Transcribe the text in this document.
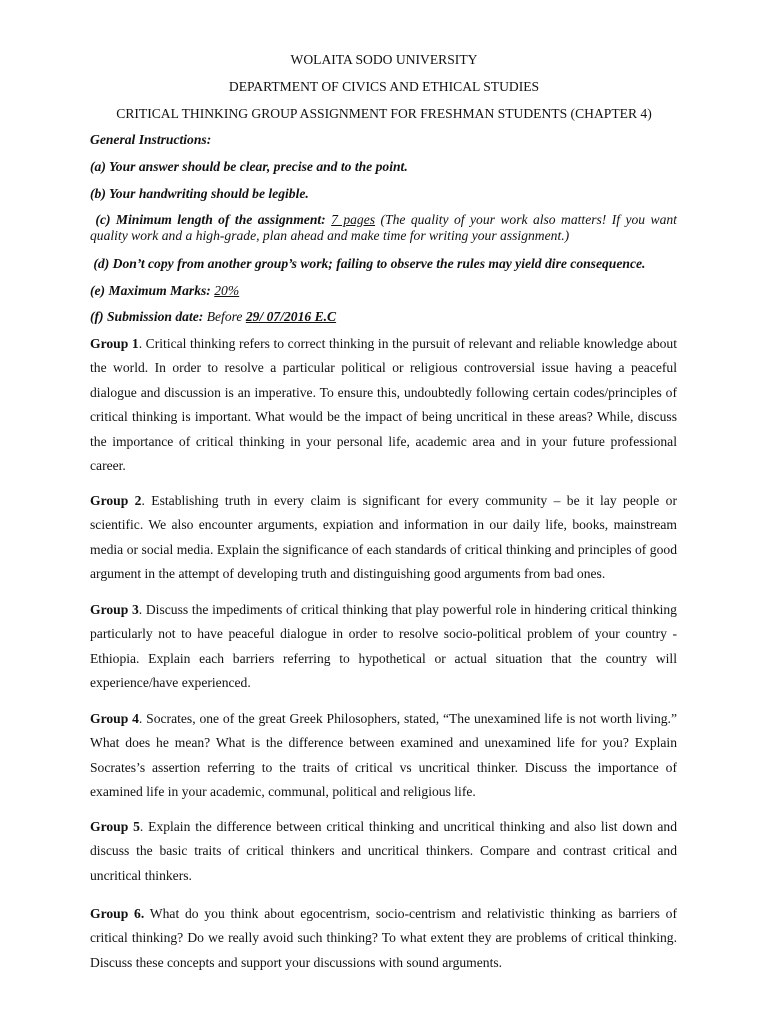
WOLAITA SODO UNIVERSITY
DEPARTMENT OF CIVICS AND ETHICAL STUDIES
CRITICAL THINKING GROUP ASSIGNMENT FOR FRESHMAN STUDENTS (CHAPTER 4)
General Instructions:
(a) Your answer should be clear, precise and to the point.
(b) Your handwriting should be legible.
(c) Minimum length of the assignment: 7 pages (The quality of your work also matters! If you want quality work and a high-grade, plan ahead and make time for writing your assignment.)
(d) Don’t copy from another group’s work; failing to observe the rules may yield dire consequence.
(e) Maximum Marks: 20%
(f) Submission date: Before 29/ 07/2016 E.C
Group 1. Critical thinking refers to correct thinking in the pursuit of relevant and reliable knowledge about the world. In order to resolve a particular political or religious controversial issue having a peaceful dialogue and discussion is an imperative. To ensure this, undoubtedly following certain codes/principles of critical thinking is important. What would be the impact of being uncritical in these areas? While, discuss the importance of critical thinking in your personal life, academic area and in your future professional career.
Group 2. Establishing truth in every claim is significant for every community – be it lay people or scientific. We also encounter arguments, expiation and information in our daily life, books, mainstream media or social media. Explain the significance of each standards of critical thinking and principles of good argument in the attempt of developing truth and distinguishing good arguments from bad ones.
Group 3. Discuss the impediments of critical thinking that play powerful role in hindering critical thinking particularly not to have peaceful dialogue in order to resolve socio-political problem of your country - Ethiopia. Explain each barriers referring to hypothetical or actual situation that the country will experience/have experienced.
Group 4. Socrates, one of the great Greek Philosophers, stated, “The unexamined life is not worth living.” What does he mean? What is the difference between examined and unexamined life for you? Explain Socrates’s assertion referring to the traits of critical vs uncritical thinker. Discuss the importance of examined life in your academic, communal, political and religious life.
Group 5. Explain the difference between critical thinking and uncritical thinking and also list down and discuss the basic traits of critical thinkers and uncritical thinkers. Compare and contrast critical and uncritical thinkers.
Group 6. What do you think about egocentrism, socio-centrism and relativistic thinking as barriers of critical thinking? Do we really avoid such thinking? To what extent they are problems of critical thinking. Discuss these concepts and support your discussions with sound arguments.
